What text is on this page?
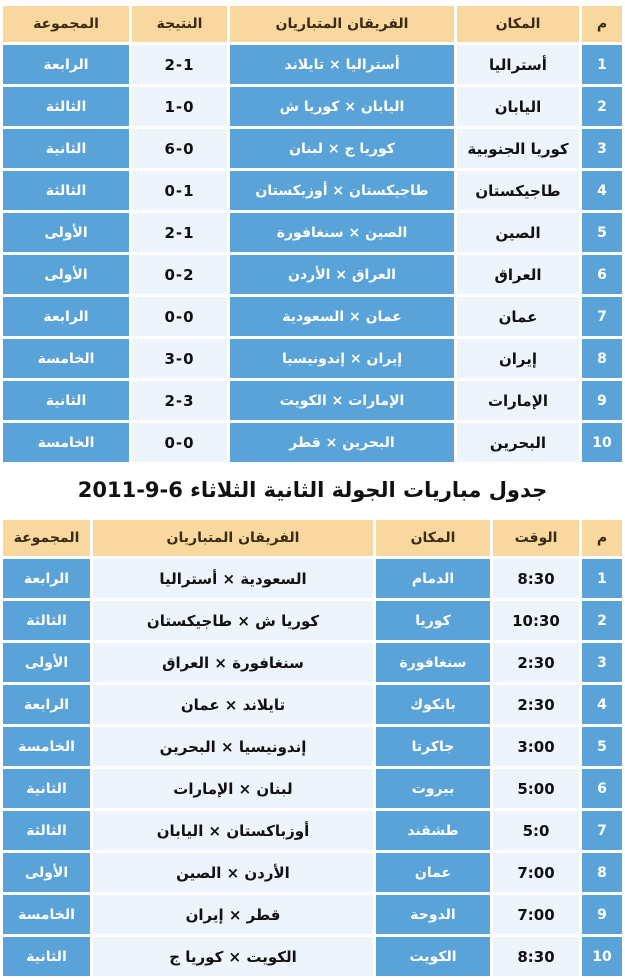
م	المكان	الفريقان المتباريان	النتيجة	المجموعة
1	أستراليا	أستراليا × تايلاند	2-1	الرابعة
2	اليابان	اليابان × كوريا ش	1-0	الثالثة
3	كوريا الجنوبية	كوريا ج × لبنان	6-0	الثانية
4	طاجيكستان	طاجيكستان × أوزبكستان	0-1	الثالثة
5	الصين	الصين × سنغافورة	2-1	الأولى
6	العراق	العراق × الأردن	0-2	الأولى
7	عمان	عمان × السعودية	0-0	الرابعة
8	إيران	إيران × إندونيسيا	3-0	الخامسة
9	الإمارات	الإمارات × الكويت	2-3	الثانية
10	البحرين	البحرين × قطر	0-0	الخامسة
جدول مباريات الجولة الثانية الثلاثاء 6-9-2011
م	الوقت	المكان	الفريقان المتباريان	المجموعة
1	8:30	الدمام	السعودية × أستراليا	الرابعة
2	10:30	كوريا	كوريا ش × طاجيكستان	الثالثة
3	2:30	سنغافورة	سنغافورة × العراق	الأولى
4	2:30	بانكوك	تايلاند × عمان	الرابعة
5	3:00	جاكرتا	إندونيسيا × البحرين	الخامسة
6	5:00	بيروت	لبنان × الإمارات	الثانية
7	5:0	طشقند	أوزباكستان × اليابان	الثالثة
8	7:00	عمان	الأردن × الصين	الأولى
9	7:00	الدوحة	قطر × إيران	الخامسة
10	8:30	الكويت	الكويت × كوريا ج	الثانية
